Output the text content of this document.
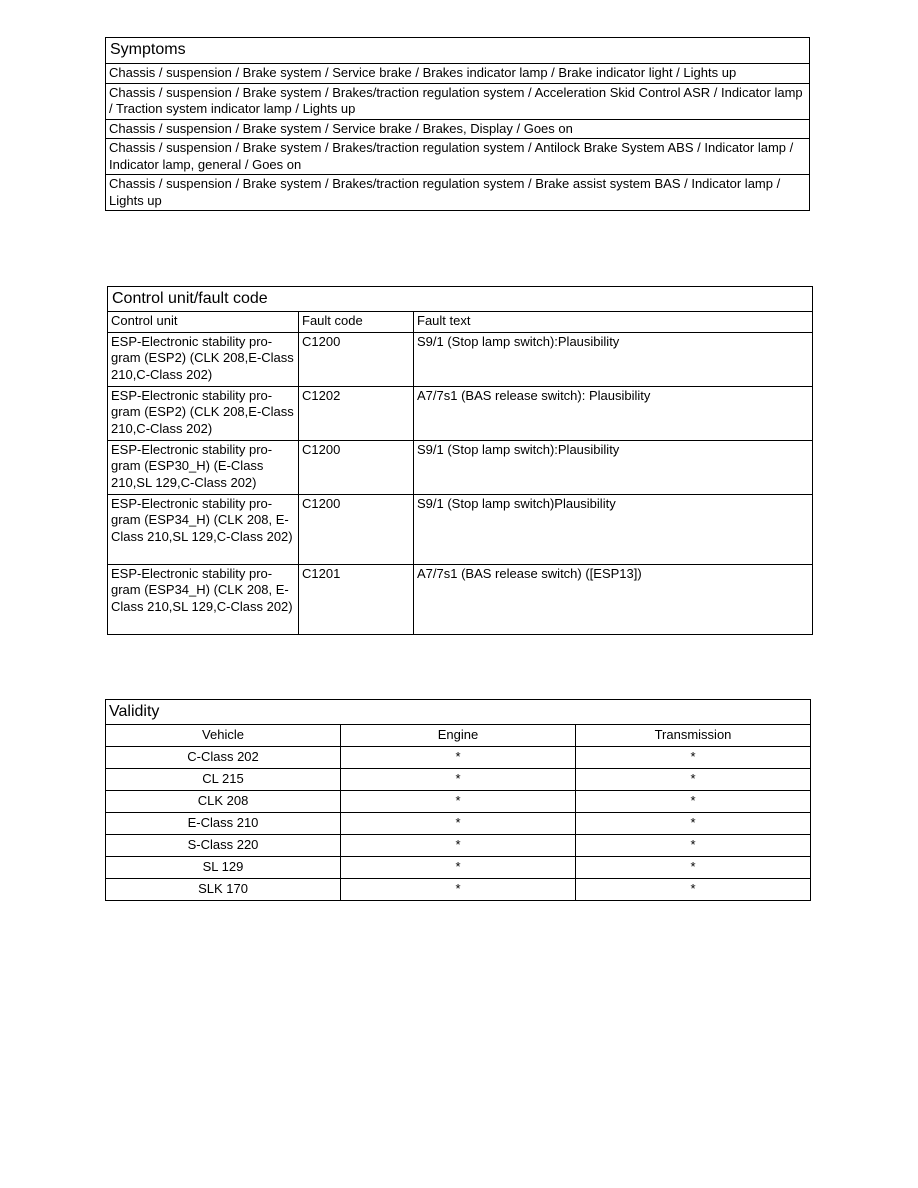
Symptoms
Chassis / suspension / Brake system / Service brake / Brakes indicator lamp / Brake indicator light / Lights up
Chassis / suspension / Brake system / Brakes/traction regulation system / Acceleration Skid Control ASR / Indicator lamp / Traction system indicator lamp / Lights up
Chassis / suspension / Brake system / Service brake / Brakes, Display / Goes on
Chassis / suspension / Brake system / Brakes/traction regulation system / Antilock Brake System ABS / Indicator lamp / Indicator lamp, general / Goes on
Chassis / suspension / Brake system / Brakes/traction regulation system / Brake assist system BAS / Indicator lamp / Lights up
Control unit/fault code		
Control unit	Fault code	Fault text
ESP-Electronic stability pro-gram (ESP2) (CLK 208,E-Class 210,C-Class 202)	C1200	S9/1 (Stop lamp switch):Plausibility
ESP-Electronic stability pro-gram (ESP2) (CLK 208,E-Class 210,C-Class 202)	C1202	A7/7s1 (BAS release switch): Plausibility
ESP-Electronic stability pro-gram (ESP30_H) (E-Class 210,SL 129,C-Class 202)	C1200	S9/1 (Stop lamp switch):Plausibility
ESP-Electronic stability pro-gram (ESP34_H) (CLK 208, E-Class 210,SL 129,C-Class 202)	C1200	S9/1 (Stop lamp switch)Plausibility
ESP-Electronic stability pro-gram (ESP34_H) (CLK 208, E-Class 210,SL 129,C-Class 202)	C1201	A7/7s1 (BAS release switch) ([ESP13])
Validity		
Vehicle	Engine	Transmission
C-Class 202	*	*
CL 215	*	*
CLK 208	*	*
E-Class 210	*	*
S-Class 220	*	*
SL 129	*	*
SLK 170	*	*
